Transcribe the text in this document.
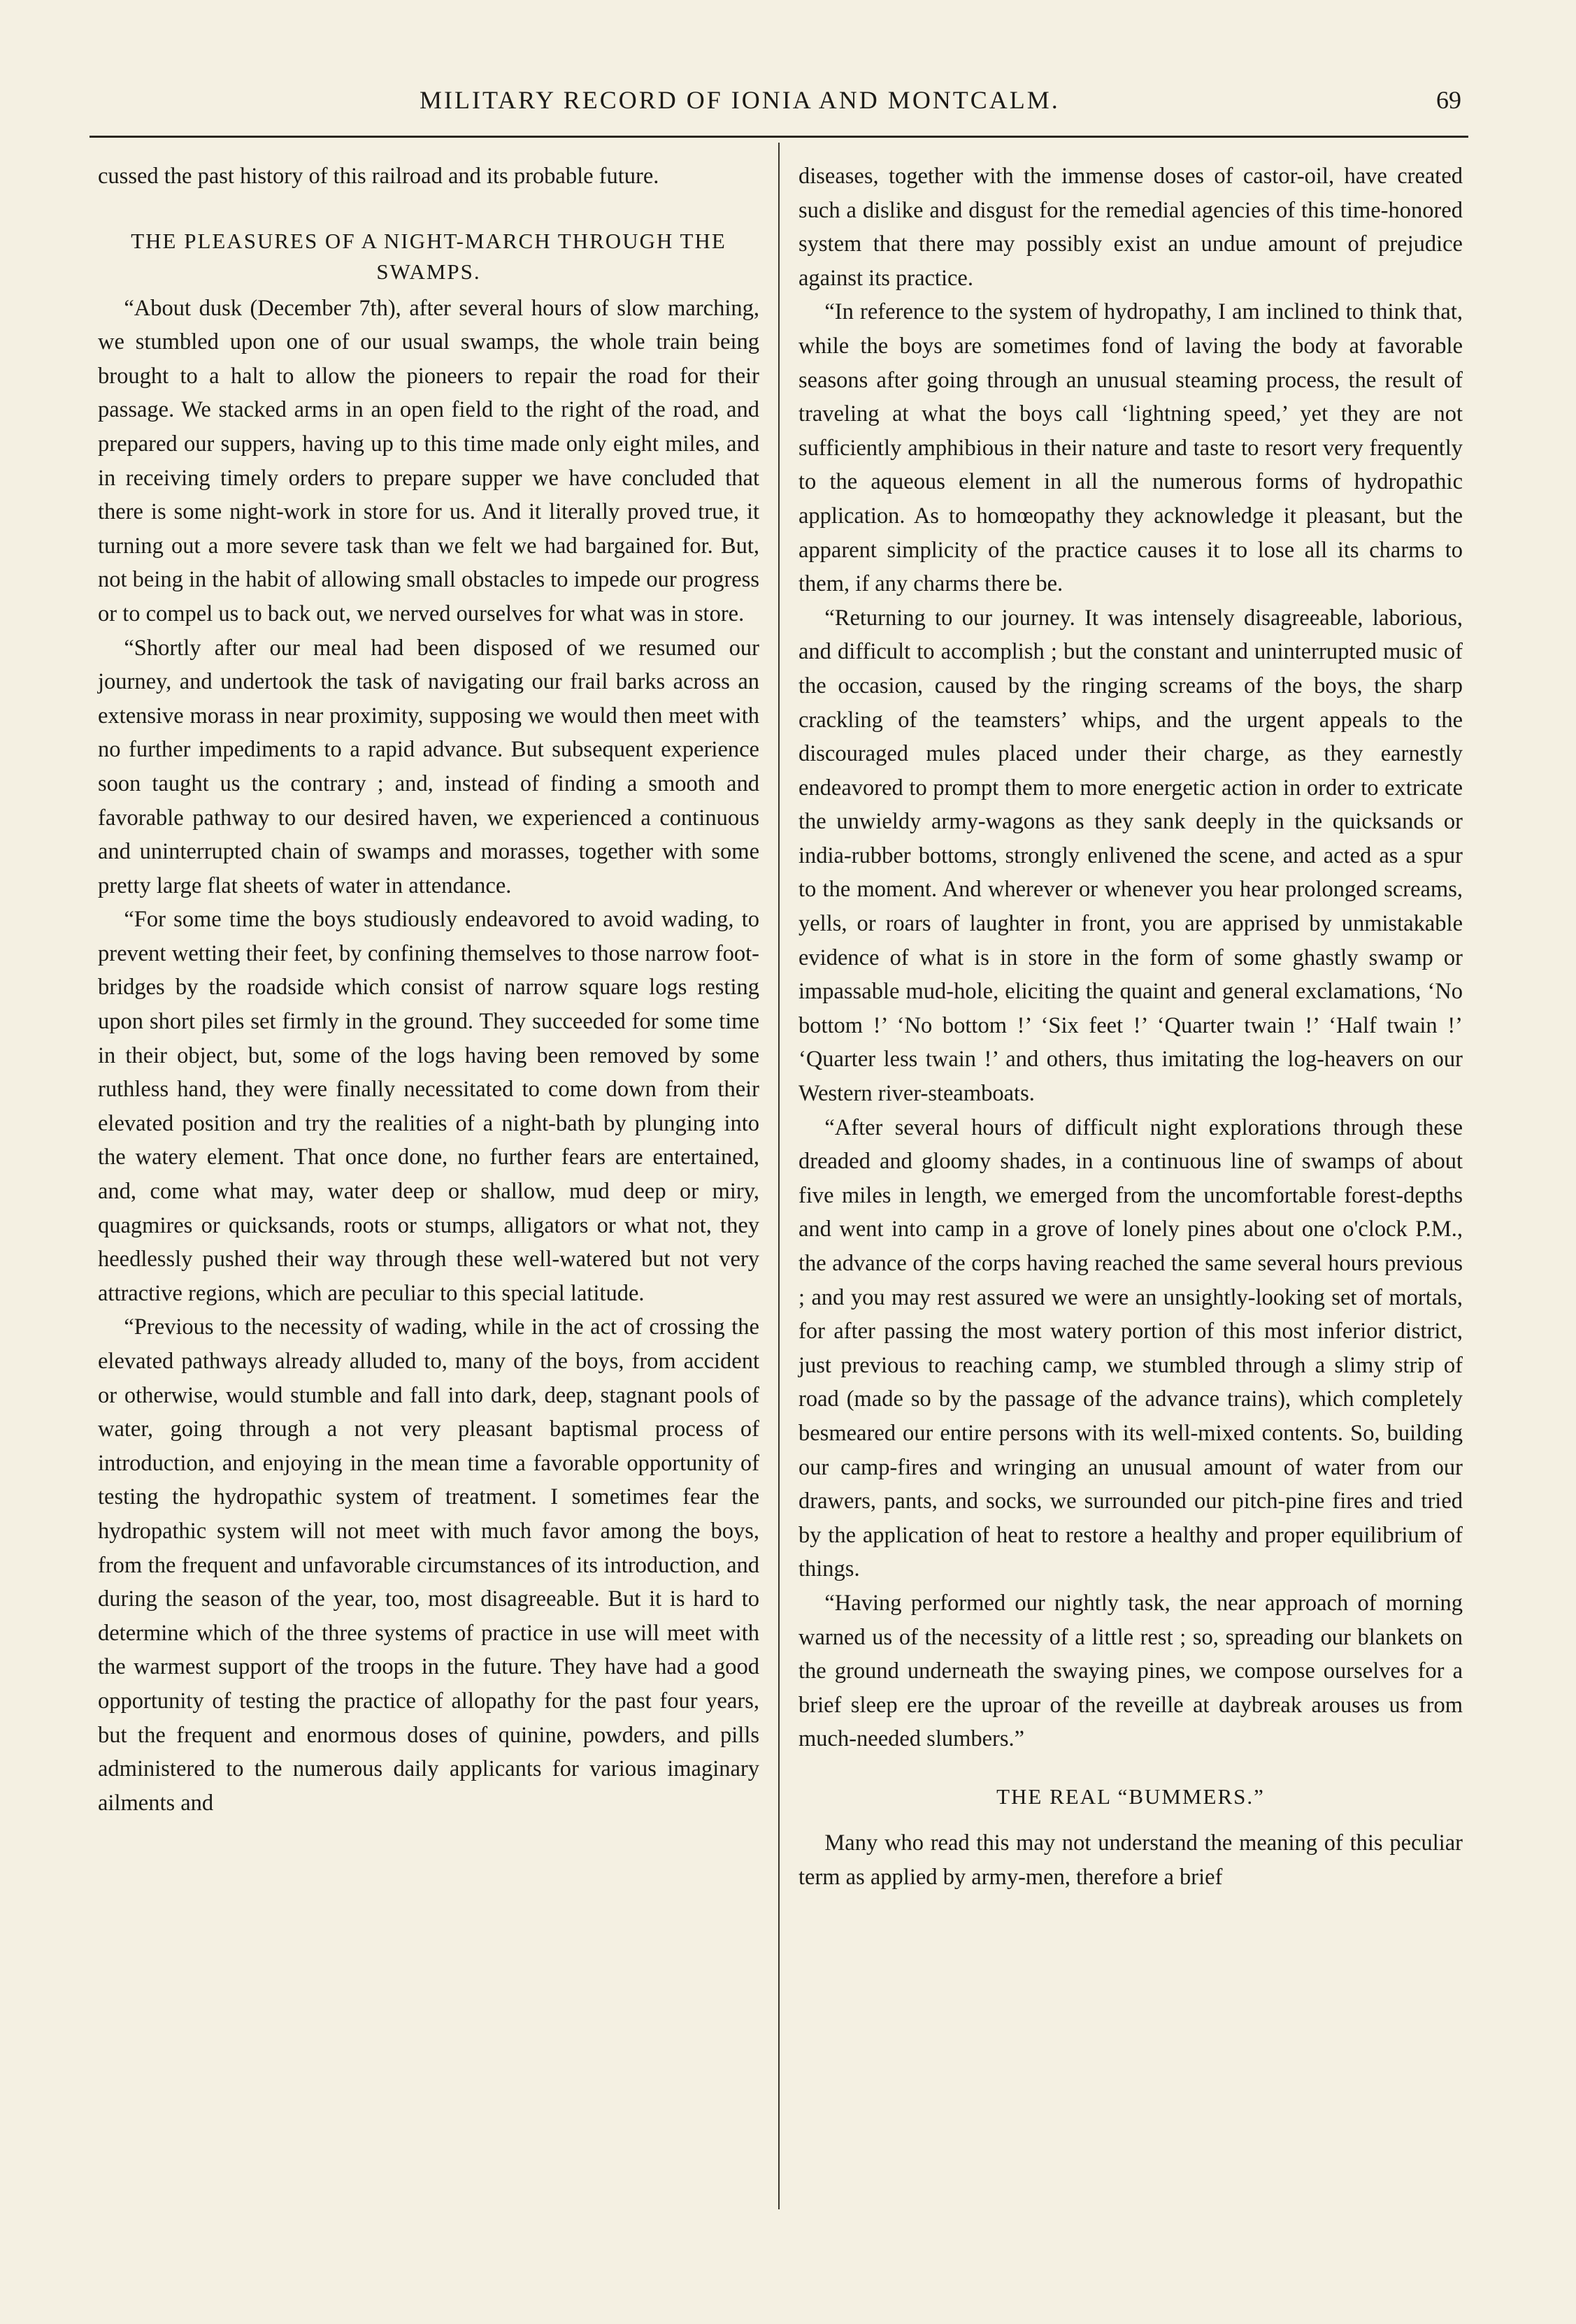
MILITARY RECORD OF IONIA AND MONTCALM.	69

cussed the past history of this railroad and its probable future.

THE PLEASURES OF A NIGHT-MARCH THROUGH THE SWAMPS.

“About dusk (December 7th), after several hours of slow marching, we stumbled upon one of our usual swamps, the whole train being brought to a halt to allow the pioneers to repair the road for their passage. We stacked arms in an open field to the right of the road, and prepared our suppers, having up to this time made only eight miles, and in receiving timely orders to prepare supper we have concluded that there is some night-work in store for us. And it literally proved true, it turning out a more severe task than we felt we had bargained for. But, not being in the habit of allowing small obstacles to impede our progress or to compel us to back out, we nerved ourselves for what was in store.

“Shortly after our meal had been disposed of we resumed our journey, and undertook the task of navigating our frail barks across an extensive morass in near proximity, supposing we would then meet with no further impediments to a rapid advance. But subsequent experience soon taught us the contrary ; and, instead of finding a smooth and favorable pathway to our desired haven, we experienced a continuous and uninterrupted chain of swamps and morasses, together with some pretty large flat sheets of water in attendance.

“For some time the boys studiously endeavored to avoid wading, to prevent wetting their feet, by confining themselves to those narrow foot-bridges by the roadside which consist of narrow square logs resting upon short piles set firmly in the ground. They succeeded for some time in their object, but, some of the logs having been removed by some ruthless hand, they were finally necessitated to come down from their elevated position and try the realities of a night-bath by plunging into the watery element. That once done, no further fears are entertained, and, come what may, water deep or shallow, mud deep or miry, quagmires or quicksands, roots or stumps, alligators or what not, they heedlessly pushed their way through these well-watered but not very attractive regions, which are peculiar to this special latitude.

“Previous to the necessity of wading, while in the act of crossing the elevated pathways already alluded to, many of the boys, from accident or otherwise, would stumble and fall into dark, deep, stagnant pools of water, going through a not very pleasant baptismal process of introduction, and enjoying in the mean time a favorable opportunity of testing the hydropathic system of treatment. I sometimes fear the hydropathic system will not meet with much favor among the boys, from the frequent and unfavorable circumstances of its introduction, and during the season of the year, too, most disagreeable. But it is hard to determine which of the three systems of practice in use will meet with the warmest support of the troops in the future. They have had a good opportunity of testing the practice of allopathy for the past four years, but the frequent and enormous doses of quinine, powders, and pills administered to the numerous daily applicants for various imaginary ailments and

diseases, together with the immense doses of castor-oil, have created such a dislike and disgust for the remedial agencies of this time-honored system that there may possibly exist an undue amount of prejudice against its practice.

“In reference to the system of hydropathy, I am inclined to think that, while the boys are sometimes fond of laving the body at favorable seasons after going through an unusual steaming process, the result of traveling at what the boys call ‘lightning speed,’ yet they are not sufficiently amphibious in their nature and taste to resort very frequently to the aqueous element in all the numerous forms of hydropathic application. As to homœopathy they acknowledge it pleasant, but the apparent simplicity of the practice causes it to lose all its charms to them, if any charms there be.

“Returning to our journey. It was intensely disagreeable, laborious, and difficult to accomplish ; but the constant and uninterrupted music of the occasion, caused by the ringing screams of the boys, the sharp crackling of the teamsters’ whips, and the urgent appeals to the discouraged mules placed under their charge, as they earnestly endeavored to prompt them to more energetic action in order to extricate the unwieldy army-wagons as they sank deeply in the quicksands or india-rubber bottoms, strongly enlivened the scene, and acted as a spur to the moment. And wherever or whenever you hear prolonged screams, yells, or roars of laughter in front, you are apprised by unmistakable evidence of what is in store in the form of some ghastly swamp or impassable mud-hole, eliciting the quaint and general exclamations, ‘No bottom !’ ‘No bottom !’ ‘Six feet !’ ‘Quarter twain !’ ‘Half twain !’ ‘Quarter less twain !’ and others, thus imitating the log-heavers on our Western river-steamboats.

“After several hours of difficult night explorations through these dreaded and gloomy shades, in a continuous line of swamps of about five miles in length, we emerged from the uncomfortable forest-depths and went into camp in a grove of lonely pines about one o'clock P.M., the advance of the corps having reached the same several hours previous ; and you may rest assured we were an unsightly-looking set of mortals, for after passing the most watery portion of this most inferior district, just previous to reaching camp, we stumbled through a slimy strip of road (made so by the passage of the advance trains), which completely besmeared our entire persons with its well-mixed contents. So, building our camp-fires and wringing an unusual amount of water from our drawers, pants, and socks, we surrounded our pitch-pine fires and tried by the application of heat to restore a healthy and proper equilibrium of things.

“Having performed our nightly task, the near approach of morning warned us of the necessity of a little rest ; so, spreading our blankets on the ground underneath the swaying pines, we compose ourselves for a brief sleep ere the uproar of the reveille at daybreak arouses us from much-needed slumbers.”

THE REAL “BUMMERS.”

Many who read this may not understand the meaning of this peculiar term as applied by army-men, therefore a brief
